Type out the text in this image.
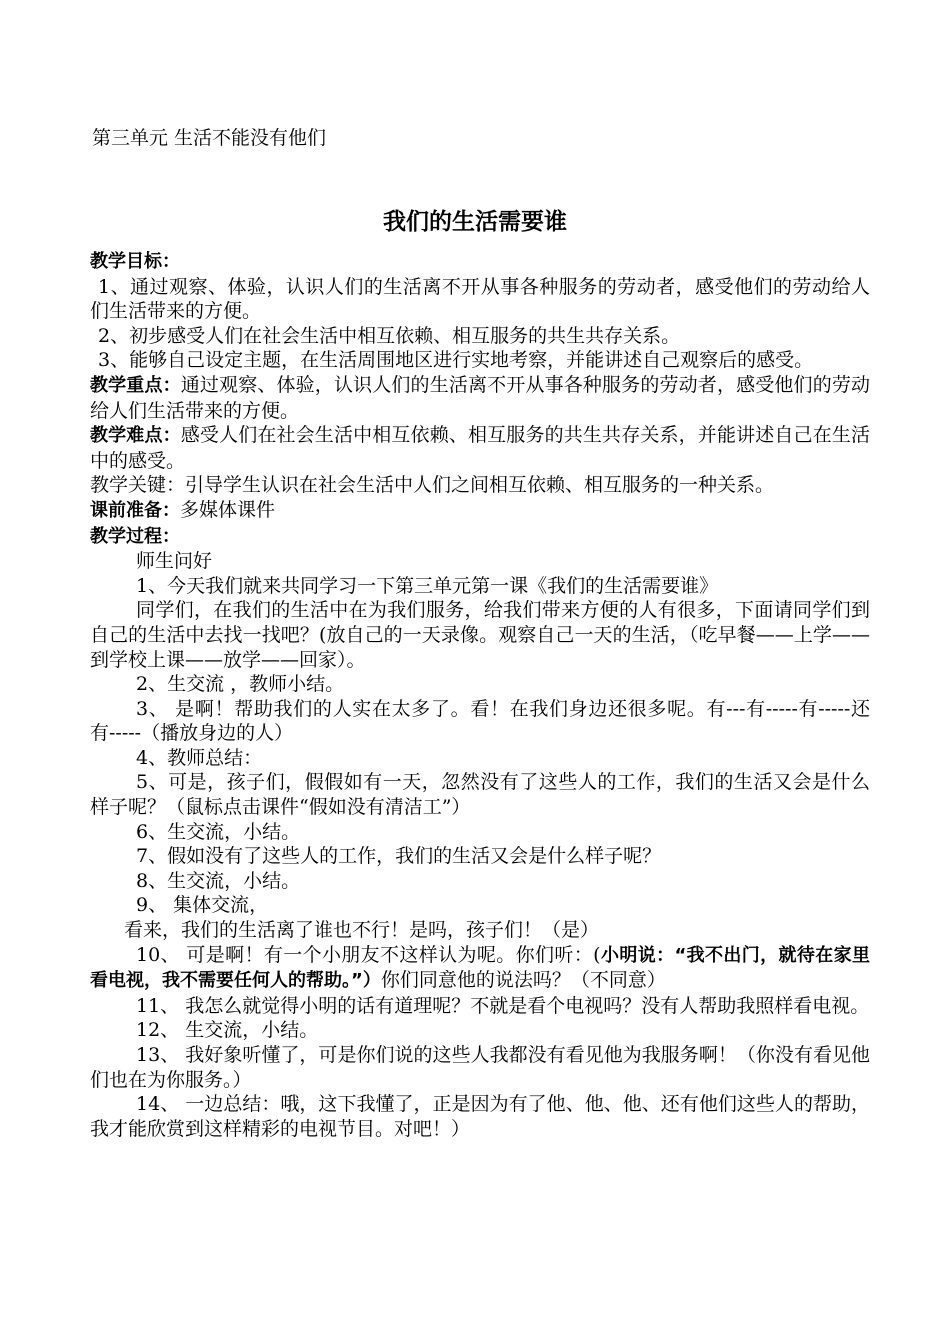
第三单元 生活不能没有他们
我们的生活需要谁

教学目标：

1、通过观察、体验，认识人们的生活离不开从事各种服务的劳动者，感受他们的劳动给人们生活带来的方便。

2、初步感受人们在社会生活中相互依赖、相互服务的共生共存关系。

3、能够自己设定主题，在生活周围地区进行实地考察，并能讲述自己观察后的感受。

教学重点：通过观察、体验，认识人们的生活离不开从事各种服务的劳动者，感受他们的劳动给人们生活带来的方便。

教学难点：感受人们在社会生活中相互依赖、相互服务的共生共存关系，并能讲述自己在生活中的感受。

教学关键：引导学生认识在社会生活中人们之间相互依赖、相互服务的一种关系。

课前准备：多媒体课件

教学过程：

师生问好

1、今天我们就来共同学习一下第三单元第一课《我们的生活需要谁》

同学们，在我们的生活中在为我们服务，给我们带来方便的人有很多，下面请同学们到自己的生活中去找一找吧？(放自己的一天录像。观察自己一天的生活，（吃早餐——上学——到学校上课——放学——回家）。

2、生交流 ，教师小结。

3、 是啊！帮助我们的人实在太多了。看！在我们身边还很多呢。有---有-----有-----还有-----（播放身边的人）

4、教师总结：

5、可是，孩子们，假假如有一天，忽然没有了这些人的工作，我们的生活又会是什么样子呢？（鼠标点击课件“假如没有清洁工”）

6、生交流，小结。

7、假如没有了这些人的工作，我们的生活又会是什么样子呢？

8、生交流，小结。

9、 集体交流，

看来，我们的生活离了谁也不行！是吗，孩子们！（是）

10、 可是啊！有一个小朋友不这样认为呢。你们听：(小明说：“我不出门，就待在家里看电视，我不需要任何人的帮助。”）你们同意他的说法吗？（不同意）

11、 我怎么就觉得小明的话有道理呢？不就是看个电视吗？没有人帮助我照样看电视。

12、 生交流，小结。

13、 我好象听懂了，可是你们说的这些人我都没有看见他为我服务啊！（你没有看见他们也在为你服务。）

14、 一边总结：哦，这下我懂了，正是因为有了他、他、他、还有他们这些人的帮助，我才能欣赏到这样精彩的电视节目。对吧！）
